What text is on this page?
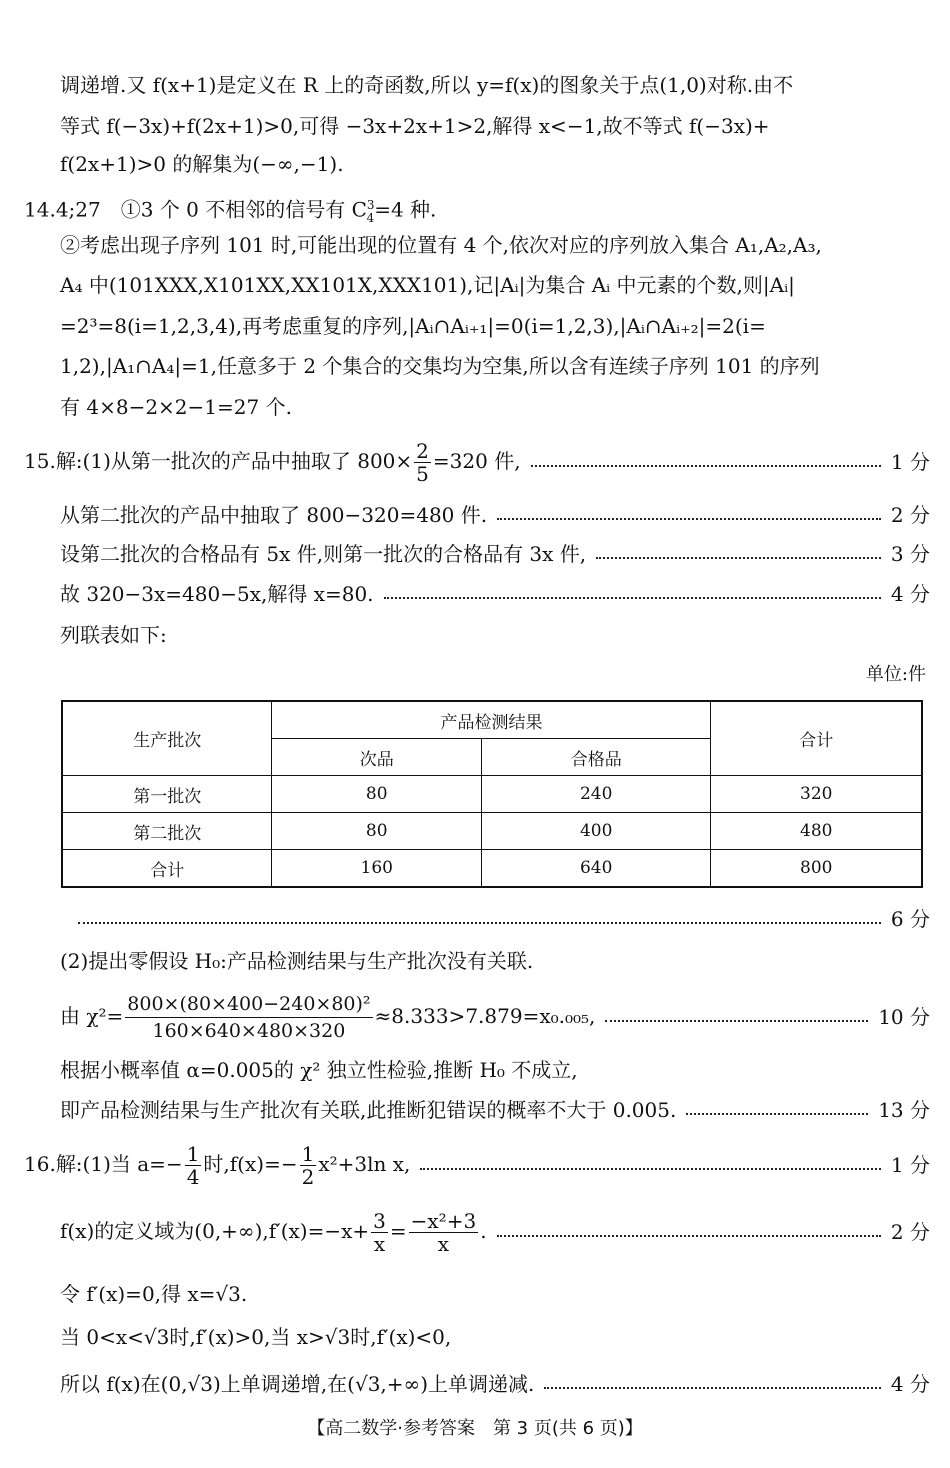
调递增.又 f(x+1)是定义在 R 上的奇函数,所以 y=f(x)的图象关于点(1,0)对称.由不
等式 f(−3x)+f(2x+1)>0,可得 −3x+2x+1>2,解得 x<−1,故不等式 f(−3x)+
f(2x+1)>0 的解集为(−∞,−1).
14.4;27　 ①3 个 0 不相邻的信号有 $C^3_4=4$ 种.
②考虑出现子序列 101 时,可能出现的位置有 4 个,依次对应的序列放入集合 A₁,A₂,A₃,
A₄ 中(101XXX,X101XX,XX101X,XXX101),记|Aᵢ|为集合 Aᵢ 中元素的个数,则|Aᵢ|
=2³=8(i=1,2,3,4),再考虑重复的序列,|Aᵢ∩Aᵢ₊₁|=0(i=1,2,3),|Aᵢ∩Aᵢ₊₂|=2(i=
1,2),|A₁∩A₄|=1,任意多于 2 个集合的交集均为空集,所以含有连续子序列 101 的序列
有 4×8−2×2−1=27 个.
15.解:(1)从第一批次的产品中抽取了 $800\times \frac{2}{5} =320$ 件,	1 分
从第二批次的产品中抽取了 800−320=480 件.	2 分
设第二批次的合格品有 5x 件,则第一批次的合格品有 3x 件,	3 分
故 320−3x=480−5x,解得 x=80.	4 分
列联表如下:
单位:件
生产批次	产品检测结果		合计
	次品	合格品	
第一批次	80	240	320
第二批次	80	400	480
合计	160	640	800
6 分
(2)提出零假设 H₀:产品检测结果与生产批次没有关联.
由 $\chi^2= \frac{\text{800×(80×400−240×80)²}}{160\times 640\times 480\times 320} \approx 8.333>7.879=x_0._{005}$,	10 分
根据小概率值 α=0.005的 χ² 独立性检验,推断 H₀ 不成立,
即产品检测结果与生产批次有关联,此推断犯错误的概率不大于 0.005.	13 分
16.解:(1)当 $a=- \frac{1}{4}$ 时$,f(x)=- \frac{1}{2} x^2+3\ln$ x,	1 分
f(x)的定义域为$(0,+\infty),f'(x)=-x+ \frac{3}{x} = \frac{\text{−x²+3}}{x}$ .	2 分
令 f′(x)=0,得 x=√3.
当 0<x<√3时,f′(x)>0,当 x>√3时,f′(x)<0,
所以 f(x)在(0,√3)上单调递增,在(√3,+∞)上单调递减.	4 分
【高二数学·参考答案　第 3 页(共 6 页)】
